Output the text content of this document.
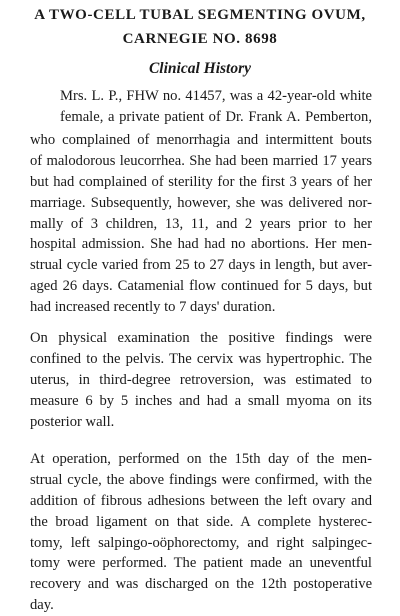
A TWO-CELL TUBAL SEGMENTING OVUM,
CARNEGIE NO. 8698
Clinical History

Mrs. L. P., FHW no. 41457, was a 42-year-old white
female, a private patient of Dr. Frank A. Pemberton,

who complained of menorrhagia and intermittent bouts
of malodorous leucorrhea. She had been married 17 years
but had complained of sterility for the first 3 years of her
marriage. Subsequently, however, she was delivered nor-
mally of 3 children, 13, 11, and 2 years prior to her
hospital admission. She had had no abortions. Her men-
strual cycle varied from 25 to 27 days in length, but aver-
aged 26 days. Catamenial flow continued for 5 days, but
had increased recently to 7 days' duration.

On physical examination the positive findings were
confined to the pelvis. The cervix was hypertrophic. The
uterus, in third-degree retroversion, was estimated to
measure 6 by 5 inches and had a small myoma on its
posterior wall.

At operation, performed on the 15th day of the men-
strual cycle, the above findings were confirmed, with the
addition of fibrous adhesions between the left ovary and
the broad ligament on that side. A complete hysterec-
tomy, left salpingo-oöphorectomy, and right salpingec-
tomy were performed. The patient made an uneventful
recovery and was discharged on the 12th postoperative
day.
